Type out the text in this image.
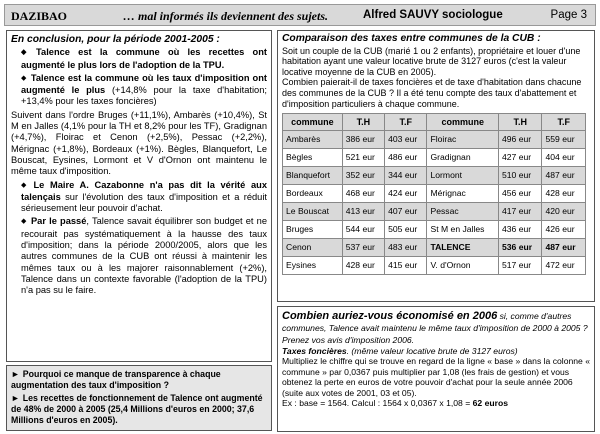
DAZIBAO	… mal informés ils deviennent des sujets.	Alfred SAUVY sociologue	Page 3
En conclusion, pour la période 2001-2005 :

◆ Talence est la commune où les recettes ont augmenté le plus lors de l'adoption de la TPU.

◆ Talence est la commune où les taux d'imposition ont augmenté le plus (+14,8% pour la taxe d'habitation; +13,4% pour les taxes foncières)

Suivent dans l'ordre Bruges (+11,1%), Ambarès (+10,4%), St M en Jalles (4,1% pour la TH et 8,2% pour les TF), Gradignan (+4,7%), Floirac et Cenon (+2,5%), Pessac (+2,2%), Mérignac (+1,8%), Bordeaux (+1%). Bègles, Blanquefort, Le Bouscat, Eysines, Lormont et V d'Ornon ont maintenu le même taux d'imposition.

◆ Le Maire A. Cazabonne n'a pas dit la vérité aux talençais sur l'évolution des taux d'imposition et a réduit sérieusement leur pouvoir d'achat.

◆ Par le passé, Talence savait équilibrer son budget et ne recourait pas systématiquement à la hausse des taux d'imposition; dans la période 2000/2005, alors que les autres communes de la CUB ont réussi à maintenir les mêmes taux ou à les majorer raisonnablement (+2%), Talence dans un contexte favorable (l'adoption de la TPU) n'a pas su le faire.

► Pourquoi ce manque de transparence à chaque augmentation des taux d'imposition ?

► Les recettes de fonctionnement de Talence ont augmenté de 48% de 2000 à 2005 (25,4 Millions d'euros en 2000; 37,6 Millions d'euros en 2005).

Comparaison des taxes entre communes de la CUB :

Soit un couple de la CUB (marié 1 ou 2 enfants), propriétaire et louer d'une habitation ayant une valeur locative brute de 3127 euros (c'est la valeur locative moyenne de la CUB en 2005).

Combien paierait-il de taxes foncières et de taxe d'habitation dans chacune des communes de la CUB ? Il a été tenu compte des taux d'abattement et d'imposition particuliers à chaque commune.

commune	T.H	T.F	commune	T.H	T.F
Ambarès	386 eur	403 eur	Floirac	496 eur	559 eur
Bègles	521 eur	486 eur	Gradignan	427 eur	404 eur
Blanquefort	352 eur	344 eur	Lormont	510 eur	487 eur
Bordeaux	468 eur	424 eur	Mérignac	456 eur	428 eur
Le Bouscat	413 eur	407 eur	Pessac	417 eur	420 eur
Bruges	544 eur	505 eur	St M en Jalles	436 eur	426 eur
Cenon	537 eur	483 eur	TALENCE	536 eur	487 eur
Eysines	428 eur	415 eur	V. d'Ornon	517 eur	472 eur

Combien auriez-vous économisé en 2006 si, comme d'autres communes, Talence avait maintenu le même taux d'imposition de 2000 à 2005 ? Prenez vos avis d'imposition 2006.

Taxes foncières. (même valeur locative brute de 3127 euros)

Multipliez le chiffre qui se trouve en regard de la ligne « base » dans la colonne « commune » par 0,0367 puis multiplier par 1,08 (les frais de gestion) et vous obtenez la perte en euros de votre pouvoir d'achat pour la seule année 2006 (suite aux votes de 2001, 03 et 05).

Ex : base = 1564. Calcul : 1564 x 0,0367 x 1,08 = 62 euros
